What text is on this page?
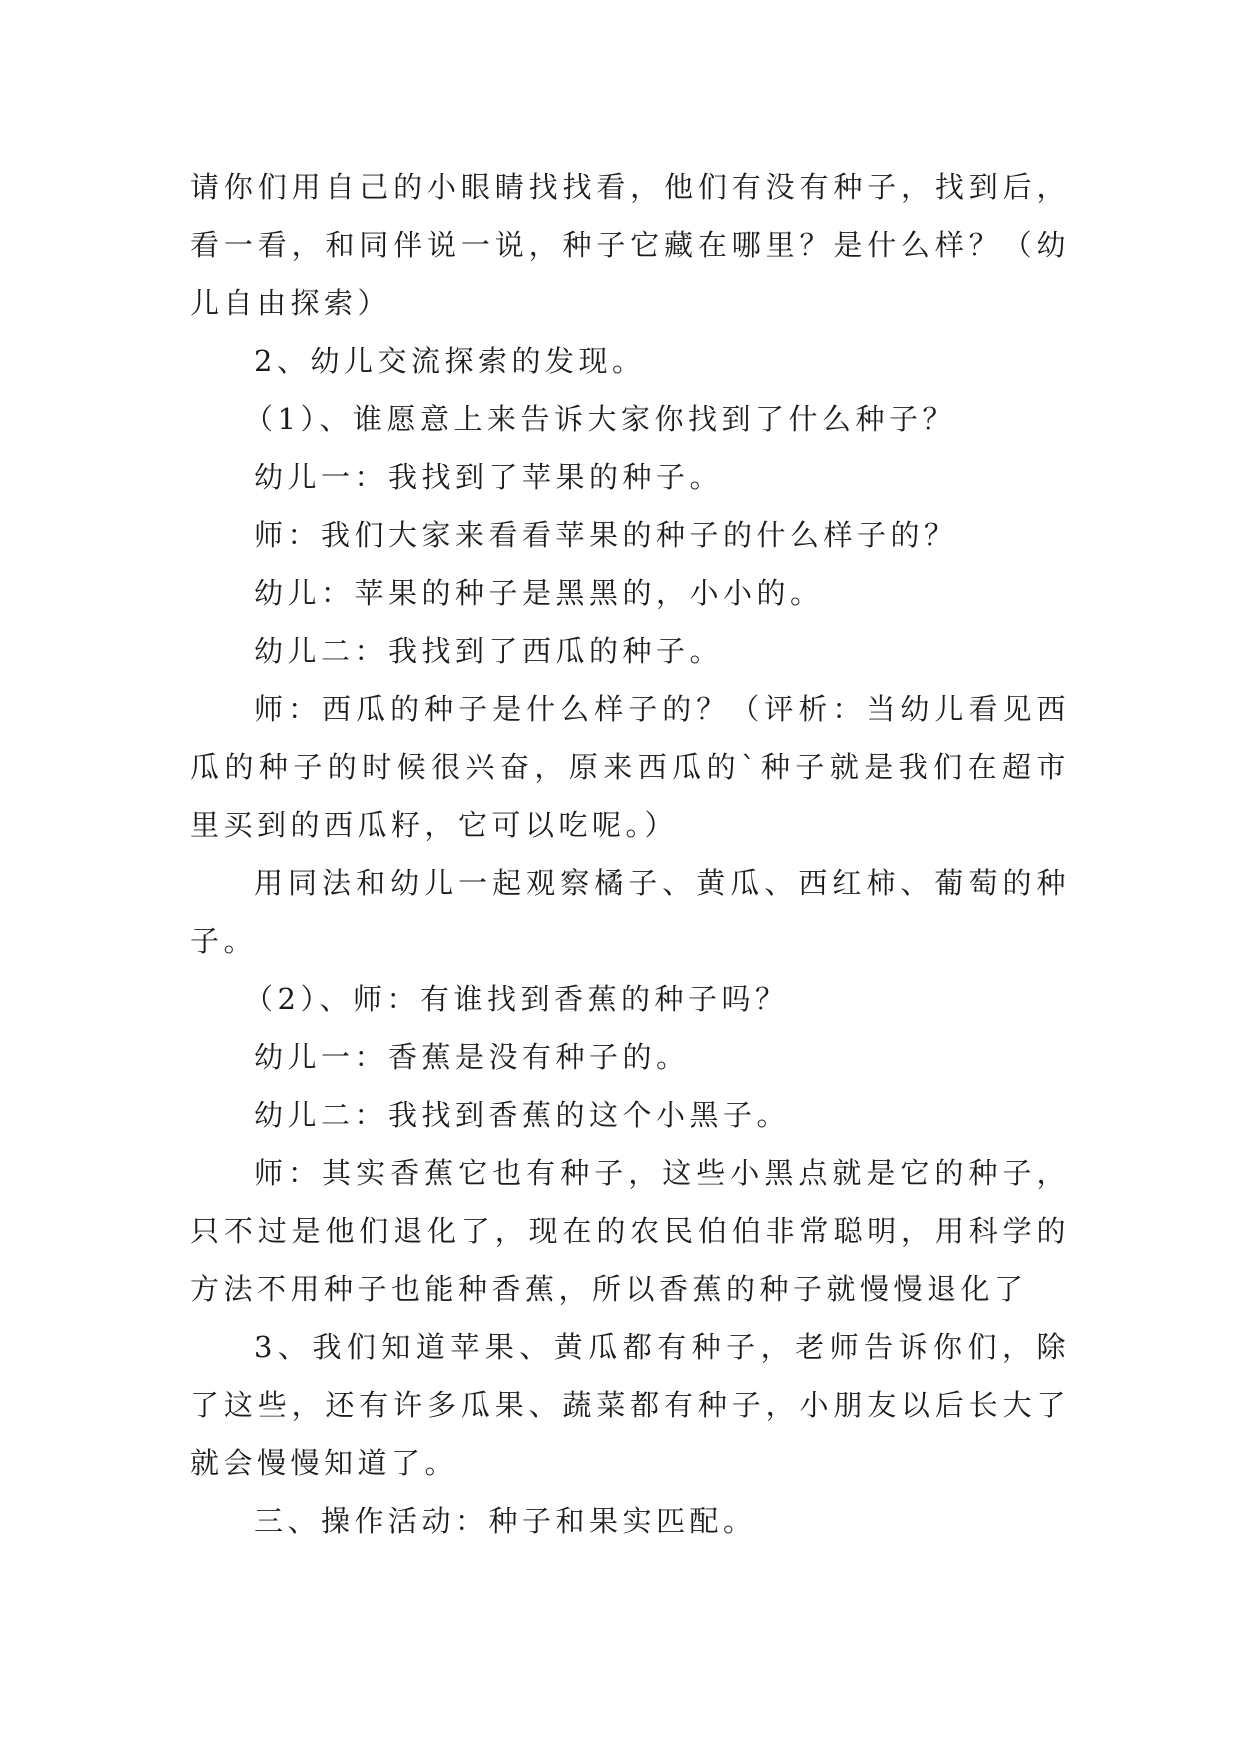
请你们用自己的小眼睛找找看，他们有没有种子，找到后，看一看，和同伴说一说，种子它藏在哪里？是什么样？（幼儿自由探索）

2、幼儿交流探索的发现。

（1）、谁愿意上来告诉大家你找到了什么种子？

幼儿一：我找到了苹果的种子。

师：我们大家来看看苹果的种子的什么样子的？

幼儿：苹果的种子是黑黑的，小小的。

幼儿二：我找到了西瓜的种子。

师：西瓜的种子是什么样子的？（评析：当幼儿看见西瓜的种子的时候很兴奋，原来西瓜的`种子就是我们在超市里买到的西瓜籽，它可以吃呢。）

用同法和幼儿一起观察橘子、黄瓜、西红柿、葡萄的种子。

（2）、师：有谁找到香蕉的种子吗？

幼儿一：香蕉是没有种子的。

幼儿二：我找到香蕉的这个小黑子。

师：其实香蕉它也有种子，这些小黑点就是它的种子，只不过是他们退化了，现在的农民伯伯非常聪明，用科学的方法不用种子也能种香蕉，所以香蕉的种子就慢慢退化了

3、我们知道苹果、黄瓜都有种子，老师告诉你们，除了这些，还有许多瓜果、蔬菜都有种子，小朋友以后长大了就会慢慢知道了。

三、操作活动：种子和果实匹配。
